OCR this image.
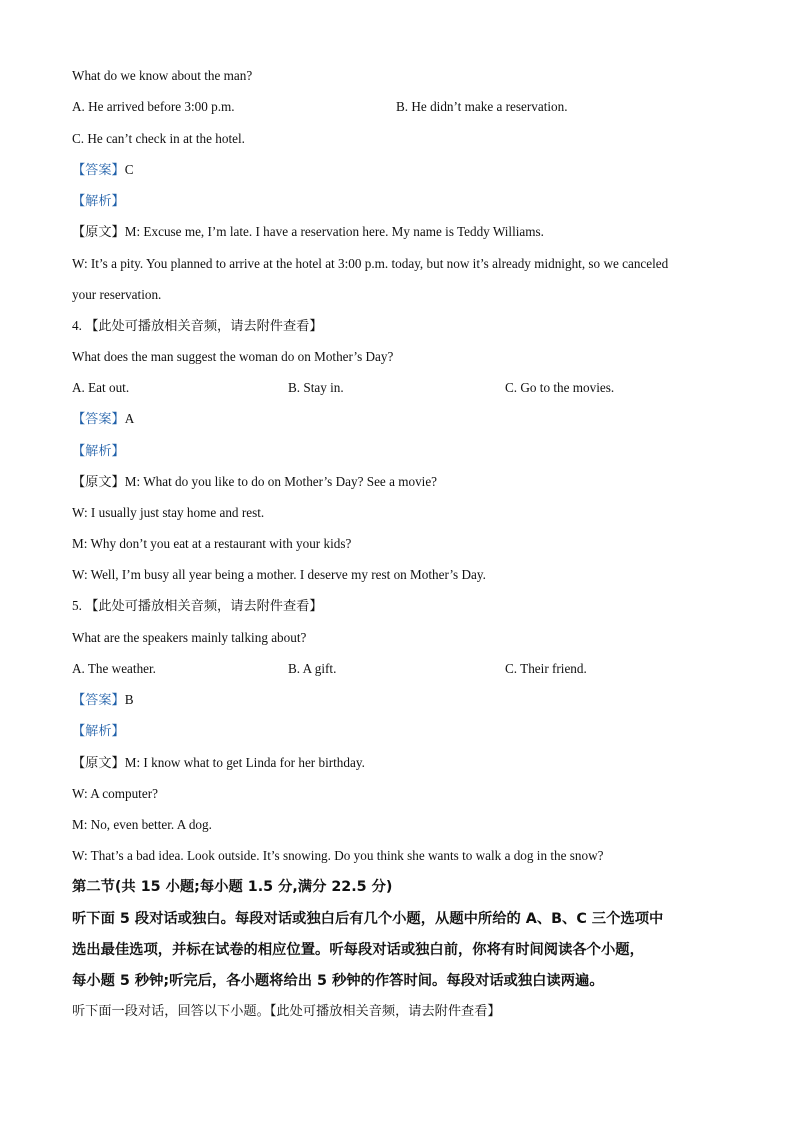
What do we know about the man?
A. He arrived before 3:00 p.m.	B. He didn’t make a reservation.
C. He can’t check in at the hotel.
【答案】C
【解析】
【原文】M: Excuse me, I’m late. I have a reservation here. My name is Teddy Williams.
W: It’s a pity. You planned to arrive at the hotel at 3:00 p.m. today, but now it’s already midnight, so we canceled
your reservation.
4. 【此处可播放相关音频，请去附件查看】
What does the man suggest the woman do on Mother’s Day?
A. Eat out.	B. Stay in.	C. Go to the movies.
【答案】A
【解析】
【原文】M: What do you like to do on Mother’s Day? See a movie?
W: I usually just stay home and rest.
M: Why don’t you eat at a restaurant with your kids?
W: Well, I’m busy all year being a mother. I deserve my rest on Mother’s Day.
5. 【此处可播放相关音频，请去附件查看】
What are the speakers mainly talking about?
A. The weather.	B. A gift.	C. Their friend.
【答案】B
【解析】
【原文】M: I know what to get Linda for her birthday.
W: A computer?
M: No, even better. A dog.
W: That’s a bad idea. Look outside. It’s snowing. Do you think she wants to walk a dog in the snow?
第二节(共 15 小题;每小题 1.5 分,满分 22.5 分)
听下面 5 段对话或独白。每段对话或独白后有几个小题，从题中所给的 A、B、C 三个选项中
选出最佳选项，并标在试卷的相应位置。听每段对话或独白前，你将有时间阅读各个小题，
每小题 5 秒钟;听完后，各小题将给出 5 秒钟的作答时间。每段对话或独白读两遍。
听下面一段对话，回答以下小题。【此处可播放相关音频，请去附件查看】
